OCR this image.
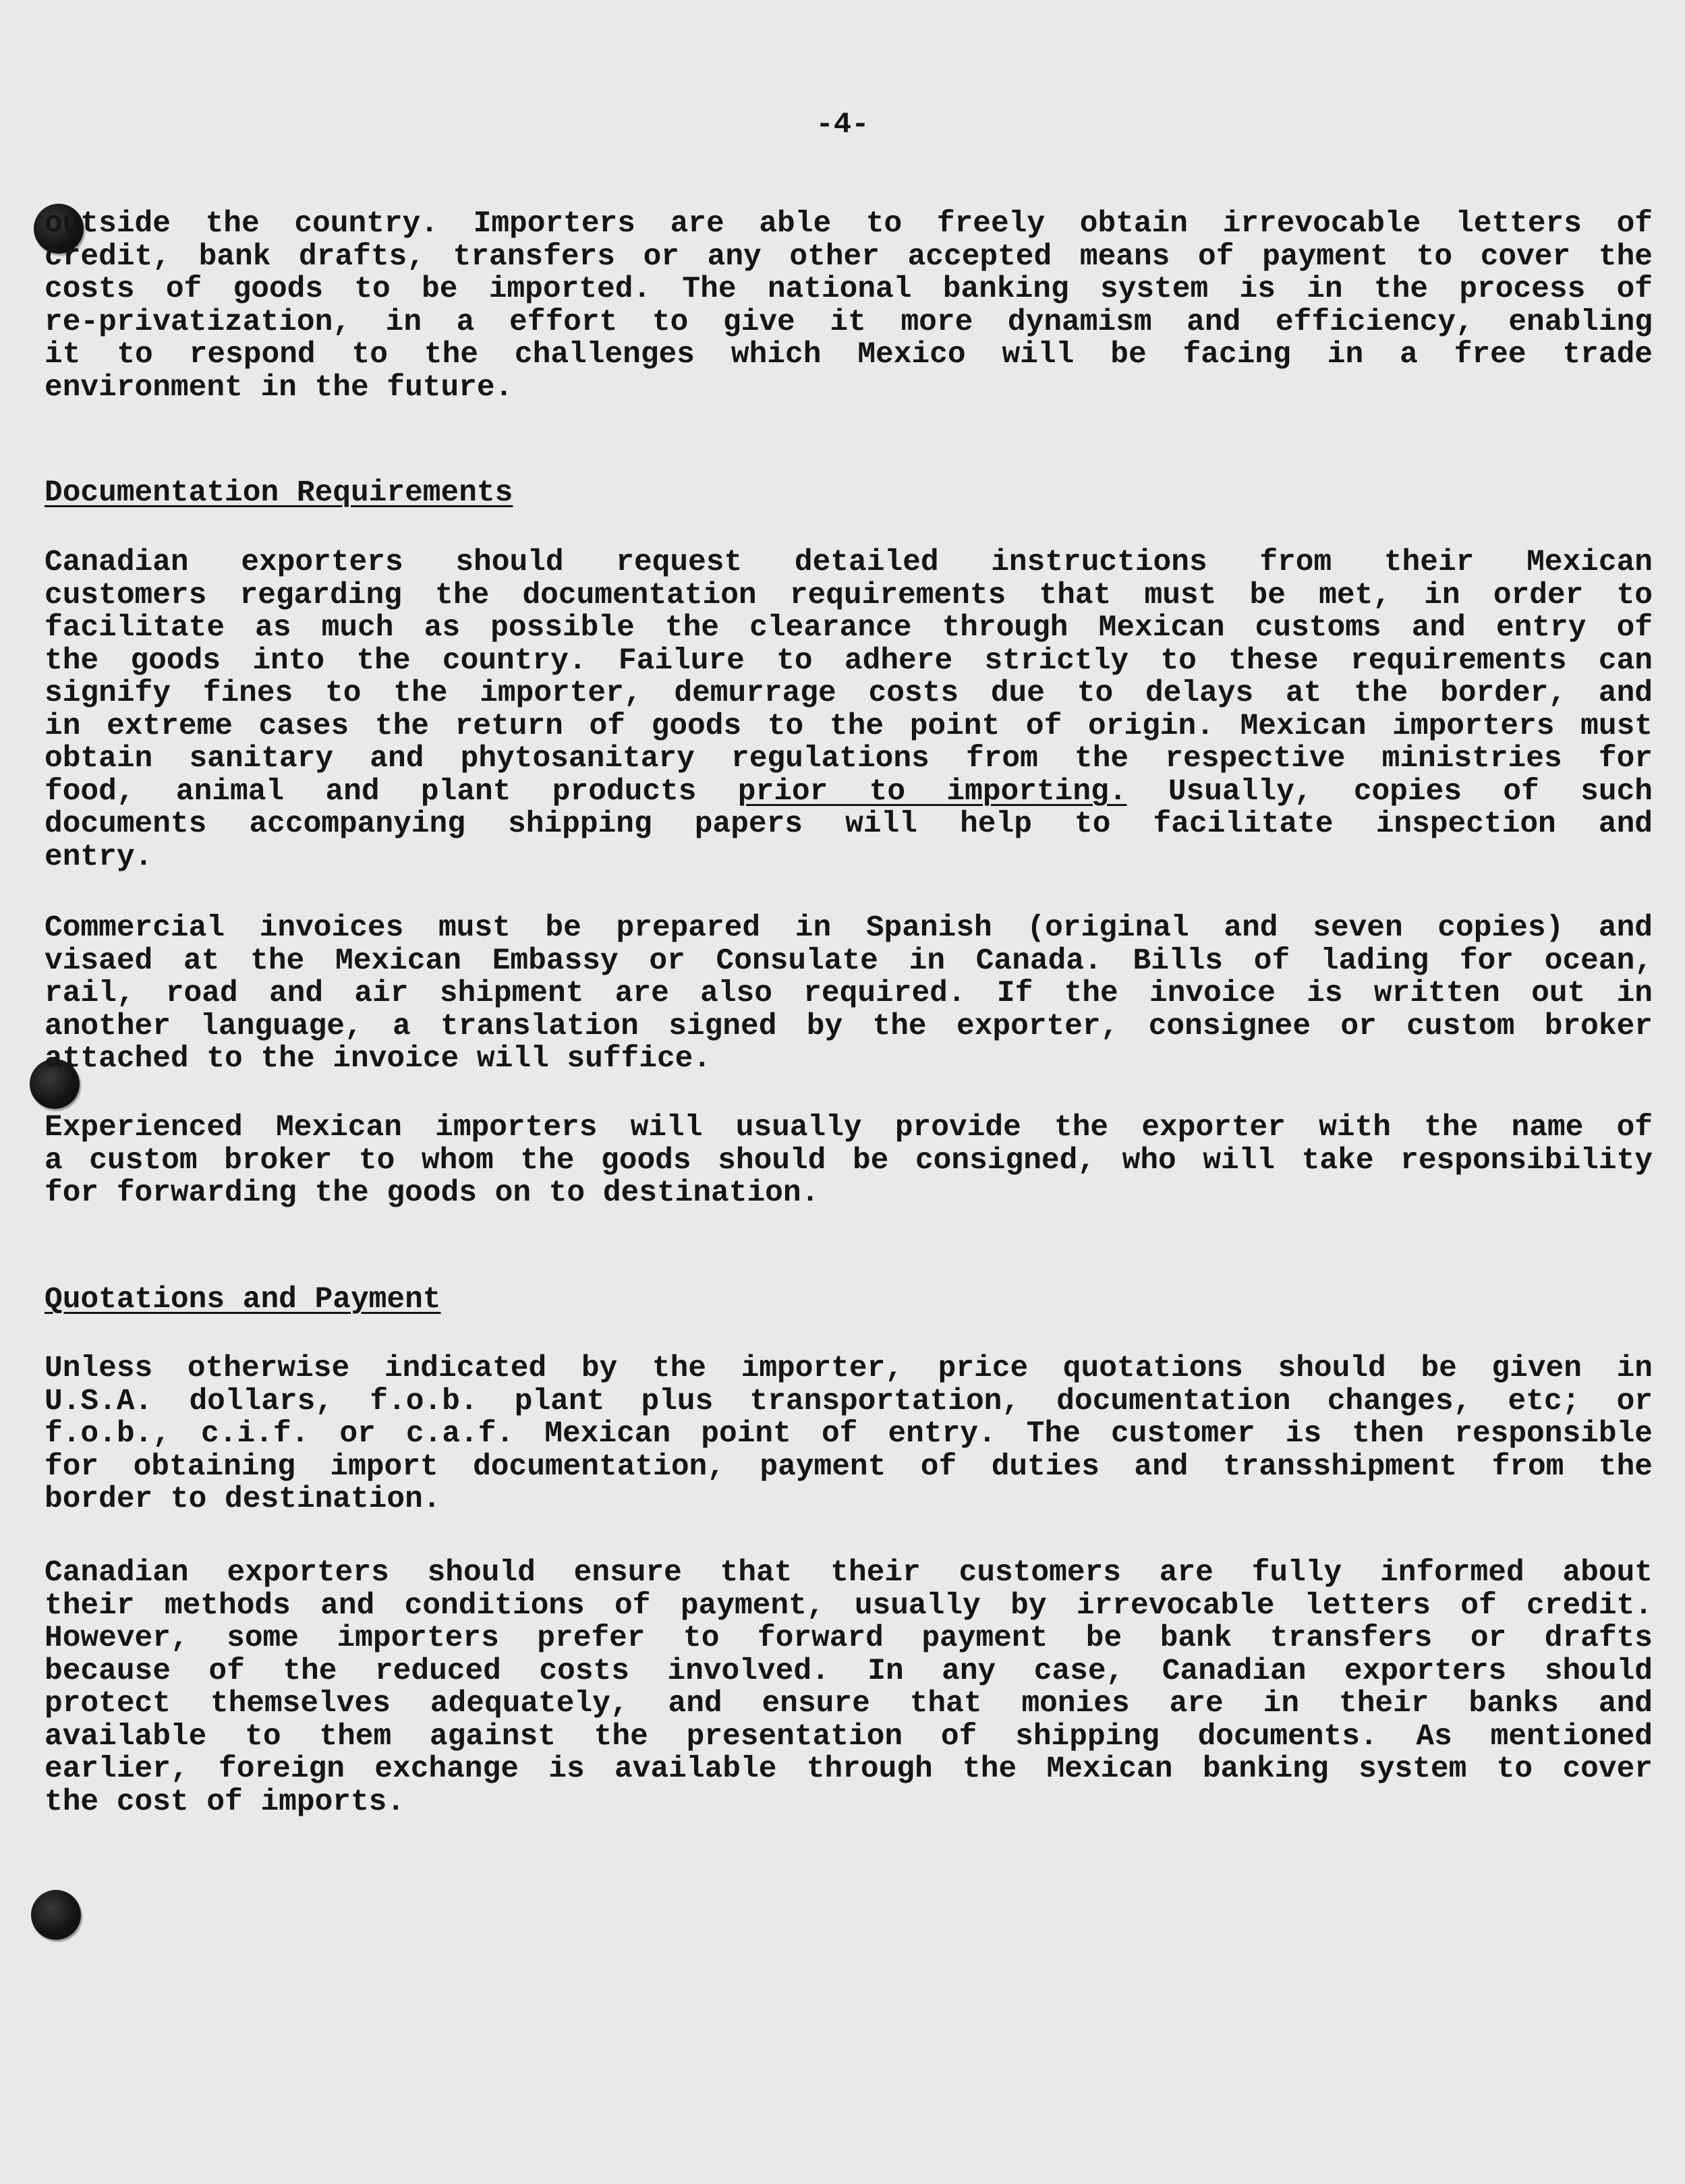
-4-
outside the country. Importers are able to freely obtain irrevocable letters of
credit, bank drafts, transfers or any other accepted means of payment to cover the
costs of goods to be imported. The national banking system is in the process of
re-privatization, in a effort to give it more dynamism and efficiency, enabling
it to respond to the challenges which Mexico will be facing in a free trade
environment in the future.
Documentation Requirements
Canadian exporters should request detailed instructions from their Mexican
customers regarding the documentation requirements that must be met, in order to
facilitate as much as possible the clearance through Mexican customs and entry of
the goods into the country. Failure to adhere strictly to these requirements can
signify fines to the importer, demurrage costs due to delays at the border, and
in extreme cases the return of goods to the point of origin. Mexican importers must
obtain sanitary and phytosanitary regulations from the respective ministries for
food, animal and plant products prior to importing. Usually, copies of such
documents accompanying shipping papers will help to facilitate inspection and
entry.
Commercial invoices must be prepared in Spanish (original and seven copies) and
visaed at the Mexican Embassy or Consulate in Canada. Bills of lading for ocean,
rail, road and air shipment are also required. If the invoice is written out in
another language, a translation signed by the exporter, consignee or custom broker
attached to the invoice will suffice.
Experienced Mexican importers will usually provide the exporter with the name of
a custom broker to whom the goods should be consigned, who will take responsibility
for forwarding the goods on to destination.
Quotations and Payment
Unless otherwise indicated by the importer, price quotations should be given in
U.S.A. dollars, f.o.b. plant plus transportation, documentation changes, etc; or
f.o.b., c.i.f. or c.a.f. Mexican point of entry. The customer is then responsible
for obtaining import documentation, payment of duties and transshipment from the
border to destination.
Canadian exporters should ensure that their customers are fully informed about
their methods and conditions of payment, usually by irrevocable letters of credit.
However, some importers prefer to forward payment be bank transfers or drafts
because of the reduced costs involved. In any case, Canadian exporters should
protect themselves adequately, and ensure that monies are in their banks and
available to them against the presentation of shipping documents. As mentioned
earlier, foreign exchange is available through the Mexican banking system to cover
the cost of imports.
